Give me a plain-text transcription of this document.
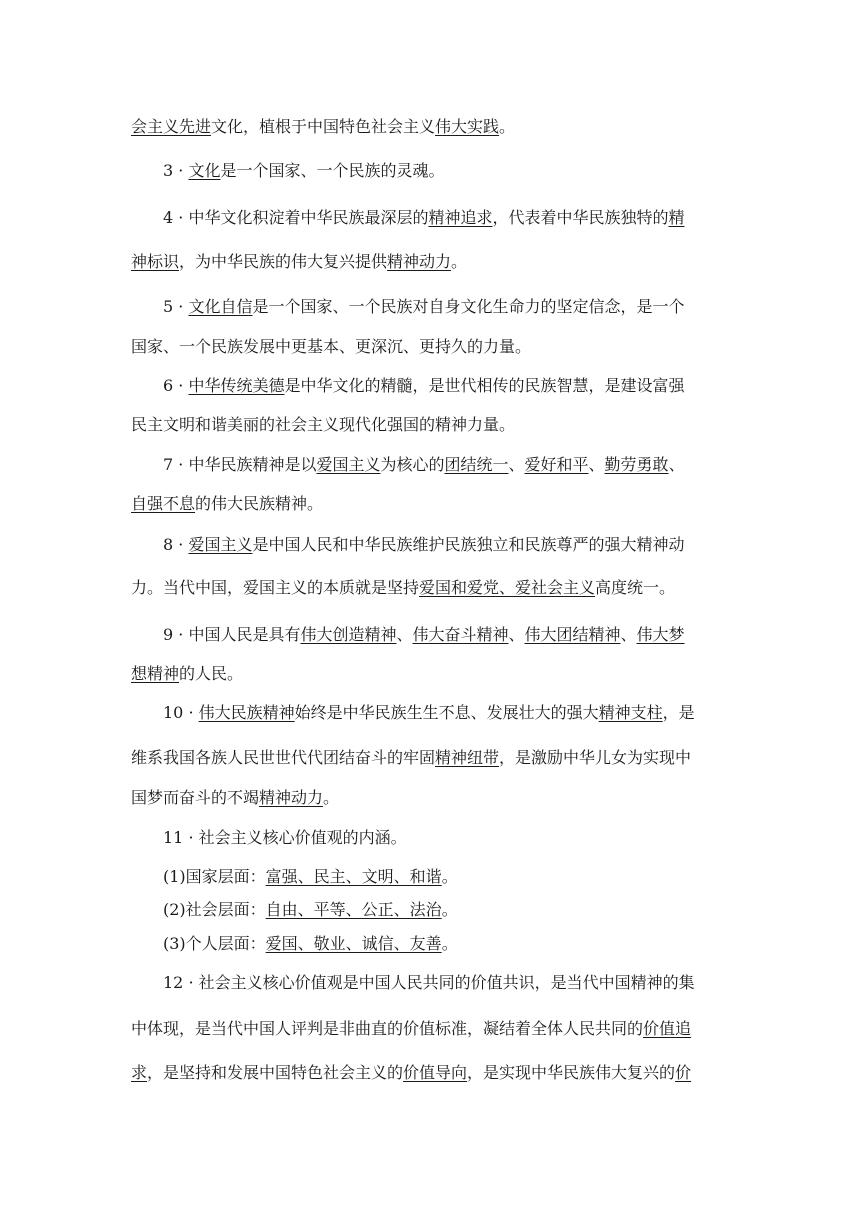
会主义先进文化，植根于中国特色社会主义伟大实践。
3 · 文化是一个国家、一个民族的灵魂。
4 · 中华文化积淀着中华民族最深层的精神追求，代表着中华民族独特的精
神标识，为中华民族的伟大复兴提供精神动力。
5 · 文化自信是一个国家、一个民族对自身文化生命力的坚定信念，是一个
国家、一个民族发展中更基本、更深沉、更持久的力量。
6 · 中华传统美德是中华文化的精髓，是世代相传的民族智慧，是建设富强
民主文明和谐美丽的社会主义现代化强国的精神力量。
7 · 中华民族精神是以爱国主义为核心的团结统一、爱好和平、勤劳勇敢、
自强不息的伟大民族精神。
8 · 爱国主义是中国人民和中华民族维护民族独立和民族尊严的强大精神动
力。当代中国，爱国主义的本质就是坚持爱国和爱党、爱社会主义高度统一。
9 · 中国人民是具有伟大创造精神、伟大奋斗精神、伟大团结精神、伟大梦
想精神的人民。
10 · 伟大民族精神始终是中华民族生生不息、发展壮大的强大精神支柱，是
维系我国各族人民世世代代团结奋斗的牢固精神纽带，是激励中华儿女为实现中
国梦而奋斗的不竭精神动力。
11 · 社会主义核心价值观的内涵。
(1)国家层面：富强、民主、文明、和谐。
(2)社会层面：自由、平等、公正、法治。
(3)个人层面：爱国、敬业、诚信、友善。
12 · 社会主义核心价值观是中国人民共同的价值共识，是当代中国精神的集
中体现，是当代中国人评判是非曲直的价值标准，凝结着全体人民共同的价值追
求，是坚持和发展中国特色社会主义的价值导向，是实现中华民族伟大复兴的价
